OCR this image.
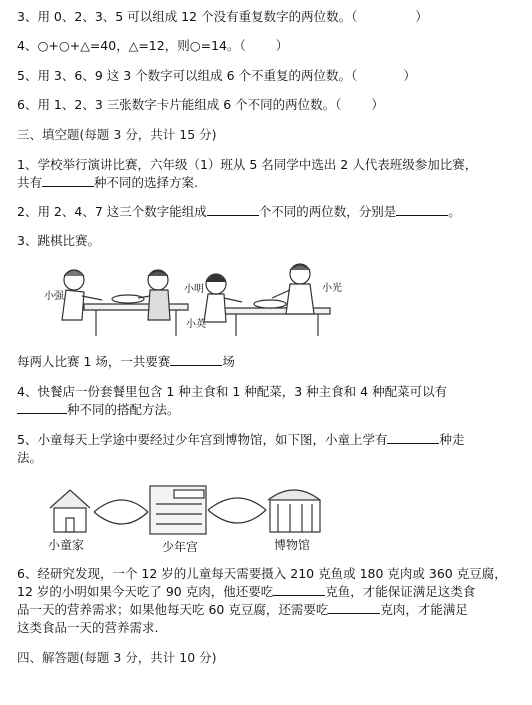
3、用 0、2、3、5 可以组成 12 个没有重复数字的两位数。（	）
4、○+○+△=40，△=12，则○=14。（ ）
5、用 3、6、9 这 3 个数字可以组成 6 个不重复的两位数。（	）
6、用 1、2、3 三张数字卡片能组成 6 个不同的两位数。（ ）
三、填空题(每题 3 分，共计 15 分)
1、学校举行演讲比赛，六年级（1）班从 5 名同学中选出 2 人代表班级参加比赛，
共有	种不同的选择方案.
2、用 2、4、7 这三个数字能组成	个不同的两位数，分别是	。
3、跳棋比赛。
小强
小明
小英
小光
每两人比赛 1 场，一共要赛	场
4、快餐店一份套餐里包含 1 种主食和 1 种配菜，3 种主食和 4 种配菜可以有
种不同的搭配方法。
5、小童每天上学途中要经过少年宫到博物馆，如下图，小童上学有	种走
法。
小童家	少年宫	博物馆
6、经研究发现，一个 12 岁的儿童每天需要摄入 210 克鱼或 180 克肉或 360 克豆腐，
12 岁的小明如果今天吃了 90 克肉，他还要吃	克鱼，才能保证满足这类食
品一天的营养需求；如果他每天吃 60 克豆腐，还需要吃	克肉，才能满足
这类食品一天的营养需求.
四、解答题(每题 3 分，共计 10 分)
